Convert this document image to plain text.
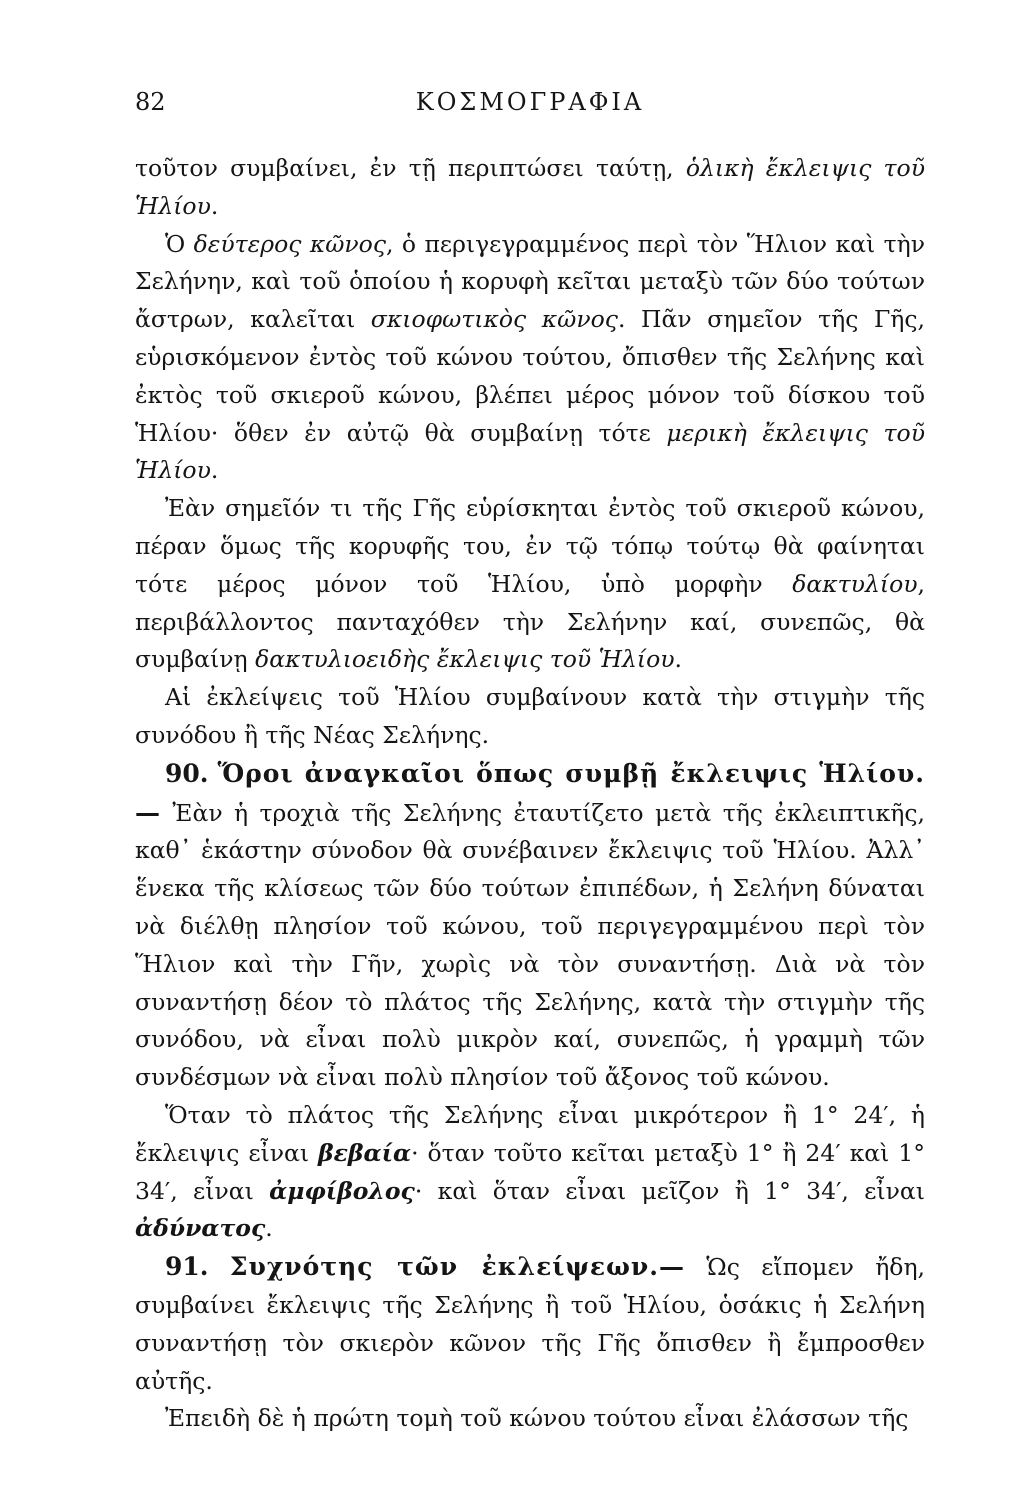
82	ΚΟΣΜΟΓΡΑΦΙΑ

τοῦτον συμβαίνει, ἐν τῇ περιπτώσει ταύτῃ, ὁλικὴ ἔκλειψις τοῦ Ἡλίου.

Ὁ δεύτερος κῶνος, ὁ περιγεγραμμένος περὶ τὸν Ἥλιον καὶ τὴν Σελήνην, καὶ τοῦ ὁποίου ἡ κορυφὴ κεῖται μεταξὺ τῶν δύο τούτων ἄστρων, καλεῖται σκιοφωτικὸς κῶνος. Πᾶν σημεῖον τῆς Γῆς, εὑρισκόμενον ἐντὸς τοῦ κώνου τούτου, ὄπισθεν τῆς Σελήνης καὶ ἐκτὸς τοῦ σκιεροῦ κώνου, βλέπει μέρος μόνον τοῦ δίσκου τοῦ Ἡλίου· ὅθεν ἐν αὐτῷ θὰ συμβαίνῃ τότε μερικὴ ἔκλειψις τοῦ Ἡλίου.

Ἐὰν σημεῖόν τι τῆς Γῆς εὑρίσκηται ἐντὸς τοῦ σκιεροῦ κώνου, πέραν ὅμως τῆς κορυφῆς του, ἐν τῷ τόπῳ τούτῳ θὰ φαίνηται τότε μέρος μόνον τοῦ Ἡλίου, ὑπὸ μορφὴν δακτυλίου, περιβάλλοντος πανταχόθεν τὴν Σελήνην καί, συνεπῶς, θὰ συμβαίνῃ δακτυλιοειδὴς ἔκλειψις τοῦ Ἡλίου.

Αἱ ἐκλείψεις τοῦ Ἡλίου συμβαίνουν κατὰ τὴν στιγμὴν τῆς συνόδου ἢ τῆς Νέας Σελήνης.

90. Ὅροι ἀναγκαῖοι ὅπως συμβῇ ἔκλειψις Ἡλίου.— Ἐὰν ἡ τροχιὰ τῆς Σελήνης ἐταυτίζετο μετὰ τῆς ἐκλειπτικῆς, καθ᾽ ἑκάστην σύνοδον θὰ συνέβαινεν ἔκλειψις τοῦ Ἡλίου. Ἀλλ᾽ ἕνεκα τῆς κλίσεως τῶν δύο τούτων ἐπιπέδων, ἡ Σελήνη δύναται νὰ διέλθῃ πλησίον τοῦ κώνου, τοῦ περιγεγραμμένου περὶ τὸν Ἥλιον καὶ τὴν Γῆν, χωρὶς νὰ τὸν συναντήσῃ. Διὰ νὰ τὸν συναντήσῃ δέον τὸ πλάτος τῆς Σελήνης, κατὰ τὴν στιγμὴν τῆς συνόδου, νὰ εἶναι πολὺ μικρὸν καί, συνεπῶς, ἡ γραμμὴ τῶν συνδέσμων νὰ εἶναι πολὺ πλησίον τοῦ ἄξονος τοῦ κώνου.

Ὅταν τὸ πλάτος τῆς Σελήνης εἶναι μικρότερον ἢ 1° 24′, ἡ ἔκλειψις εἶναι βεβαία· ὅταν τοῦτο κεῖται μεταξὺ 1° ἢ 24′ καὶ 1° 34′, εἶναι ἀμφίβολος· καὶ ὅταν εἶναι μεῖζον ἢ 1° 34′, εἶναι ἀδύνατος.

91. Συχνότης τῶν ἐκλείψεων.— Ὡς εἴπομεν ἤδη, συμβαίνει ἔκλειψις τῆς Σελήνης ἢ τοῦ Ἡλίου, ὁσάκις ἡ Σελήνη συναντήσῃ τὸν σκιερὸν κῶνον τῆς Γῆς ὄπισθεν ἢ ἔμπροσθεν αὐτῆς.

Ἐπειδὴ δὲ ἡ πρώτη τομὴ τοῦ κώνου τούτου εἶναι ἐλάσσων τῆς
